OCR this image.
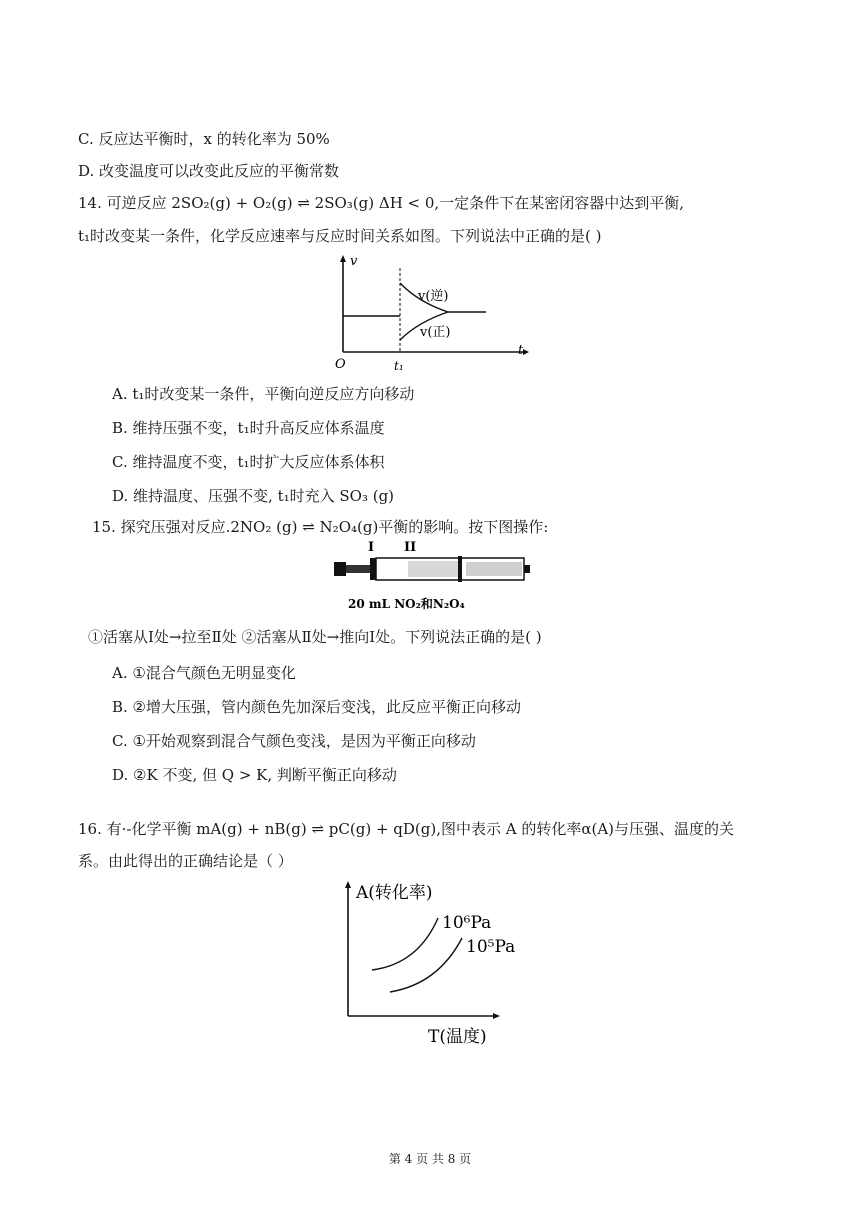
C. 反应达平衡时，x 的转化率为 50%
D. 改变温度可以改变此反应的平衡常数
14. 可逆反应 2SO₂(g) + O₂(g) ⇌ 2SO₃(g) ΔH < 0,一定条件下在某密闭容器中达到平衡,
t₁时改变某一条件，化学反应速率与反应时间关系如图。下列说法中正确的是( )
v
t
O	t₁
v(逆)
v(正)
A. t₁时改变某一条件，平衡向逆反应方向移动
B. 维持压强不变，t₁时升高反应体系温度
C. 维持温度不变，t₁时扩大反应体系体积
D. 维持温度、压强不变, t₁时充入 SO₃ (g)
15. 探究压强对反应.2NO₂ (g) ⇌ N₂O₄(g)平衡的影响。按下图操作:
I II
20 mL NO₂和N₂O₄
①活塞从Ⅰ处→拉至Ⅱ处 ②活塞从Ⅱ处→推向Ⅰ处。下列说法正确的是( )
A. ①混合气颜色无明显变化
B. ②增大压强，管内颜色先加深后变浅，此反应平衡正向移动
C. ①开始观察到混合气颜色变浅，是因为平衡正向移动
D. ②K 不变, 但 Q > K, 判断平衡正向移动
16. 有·-化学平衡 mA(g) + nB(g) ⇌ pC(g) + qD(g),图中表示 A 的转化率α(A)与压强、温度的关
系。由此得出的正确结论是（ ）
A(转化率)
10⁶Pa
10⁵Pa
T(温度)
第 4 页 共 8 页
